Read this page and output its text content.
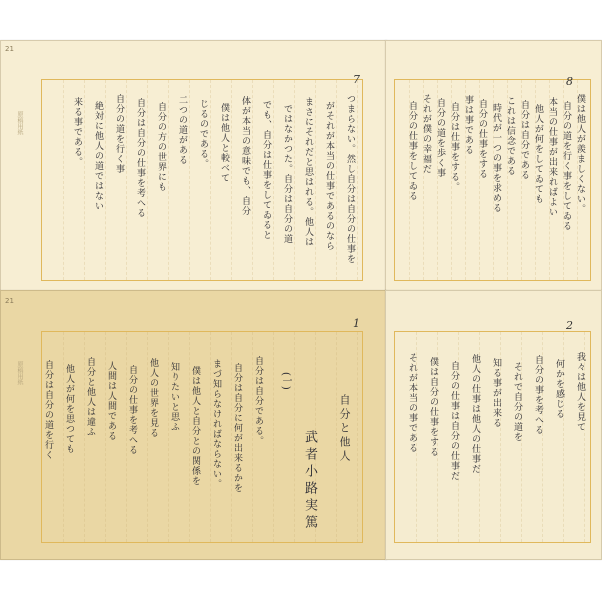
21
原稿用紙	つまらない。然し自分は自分の仕事を
がそれが本当の仕事であるのなら
まさにそれだと思はれる。他人は
ではなかつた。自分は自分の道
でも、自分は仕事をしてゐると
体が本当の意味でも、自分
僕は他人と較べて
じるのである。
二つの道がある
自分の方の世界にも
自分は自分の仕事を考へる
自分の道を行く事
絶対に他人の道ではない
来る事である。
7
僕は他人が羨ましくない。
自分の道を行く事をしてゐる
本当の仕事が出来ればよい
他人が何をしてゐても
自分は自分である
これは信念である
時代が一つの事を求める
自分の仕事をする
事は事である
自分は仕事をする。
自分の道を歩く事
それが僕の幸福だ
自分の仕事をしてゐる
8
21
原稿用紙	自分は自分である。
自分は自分に何が出来るかを
まづ知らなければならない。
僕は他人と自分との関係を
知りたいと思ふ
他人の世界を見る
自分の仕事を考へる
人間は人間である
自分と他人は違ふ
他人が何を思つても
自分は自分の道を行く	自分と他人
(一)
武者小路実篤
1
我々は他人を見て
何かを感じる
自分の事を考へる
それで自分の道を
知る事が出来る
他人の仕事は他人の仕事だ
自分の仕事は自分の仕事だ
僕は自分の仕事をする
それが本当の事である
2
